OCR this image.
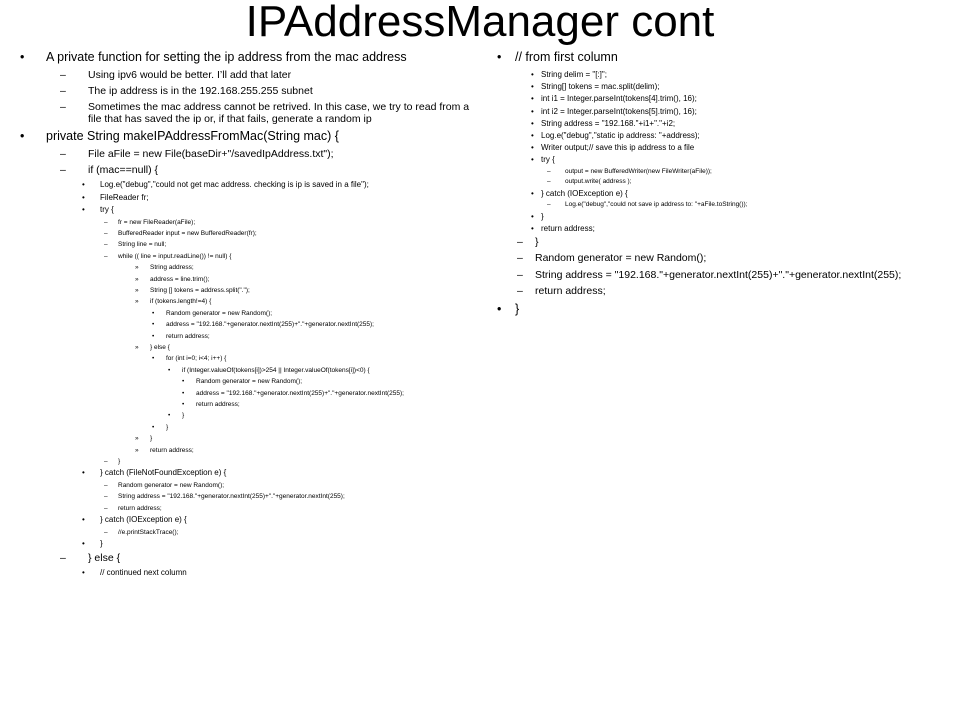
IPAddressManager cont
• A private function for setting the ip address from the mac address
– Using ipv6 would be better. I’ll add that later
– The ip address is in the 192.168.255.255 subnet
– Sometimes the mac address cannot be retrived. In this case, we try to read from a file that has saved the ip or, if that fails, generate a random ip
• private String makeIPAddressFromMac(String mac) {
– File aFile = new File(baseDir+"/savedIpAddress.txt");
– if (mac==null) {
• Log.e("debug","could not get mac address. checking is ip is saved in a file");
• FileReader fr;
• try {
– fr = new FileReader(aFile);
– BufferedReader input = new BufferedReader(fr);
– String line = null;
– while (( line = input.readLine()) != null) {
» String address;
» address = line.trim();
» String [] tokens = address.split(".");
» if (tokens.length!=4) {
• Random generator = new Random();
• address = "192.168."+generator.nextInt(255)+"."+generator.nextInt(255);
• return address;
» } else {
• for (int i=0; i<4; i++) {
• if (Integer.valueOf(tokens[i])>254 || Integer.valueOf(tokens[i])<0) {
• Random generator = new Random();
• address = "192.168."+generator.nextInt(255)+"."+generator.nextInt(255);
• return address;
• }
• }
» }
» return address;
– }
• } catch (FileNotFoundException e) {
– Random generator = new Random();
– String address = "192.168."+generator.nextInt(255)+"."+generator.nextInt(255);
– return address;
• } catch (IOException e) {
– //e.printStackTrace();
• }
– } else {
• // continued next column
• // from first column
• String delim = "[:]";
• String[] tokens = mac.split(delim);
• int i1 = Integer.parseInt(tokens[4].trim(), 16);
• int i2 = Integer.parseInt(tokens[5].trim(), 16);
• String address = "192.168."+i1+"."+i2;
• Log.e("debug","static ip address: "+address);
• Writer output;// save this ip address to a file
• try {
– output = new BufferedWriter(new FileWriter(aFile));
– output.write( address );
• } catch (IOException e) {
– Log.e("debug","could not save ip address to: "+aFile.toString());
• }
• return address;
– }
– Random generator = new Random();
– String address = "192.168."+generator.nextInt(255)+"."+generator.nextInt(255);
– return address;
• }
